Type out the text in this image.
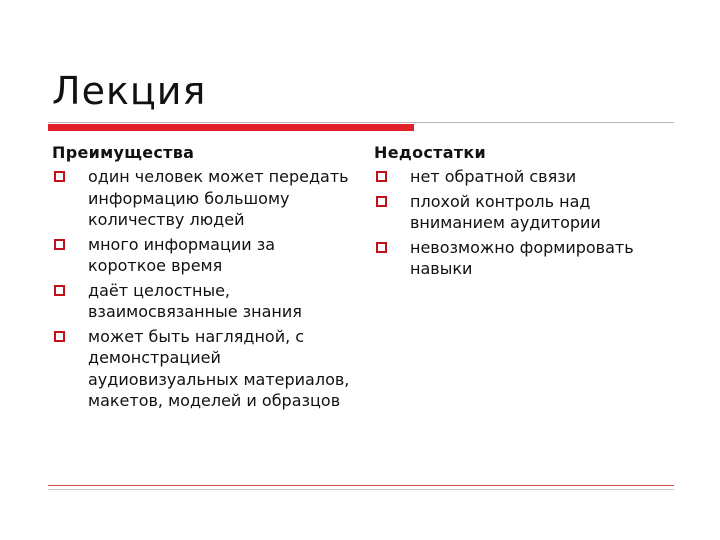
Лекция

Преимущества

один человек может передать информацию большому количеству людей
много информации за короткое время
даёт целостные, взаимосвязанные знания
может быть наглядной, с демонстрацией аудиовизуальных материалов, макетов, моделей и образцов

Недостатки

нет обратной связи
плохой контроль над вниманием аудитории
невозможно формировать навыки
